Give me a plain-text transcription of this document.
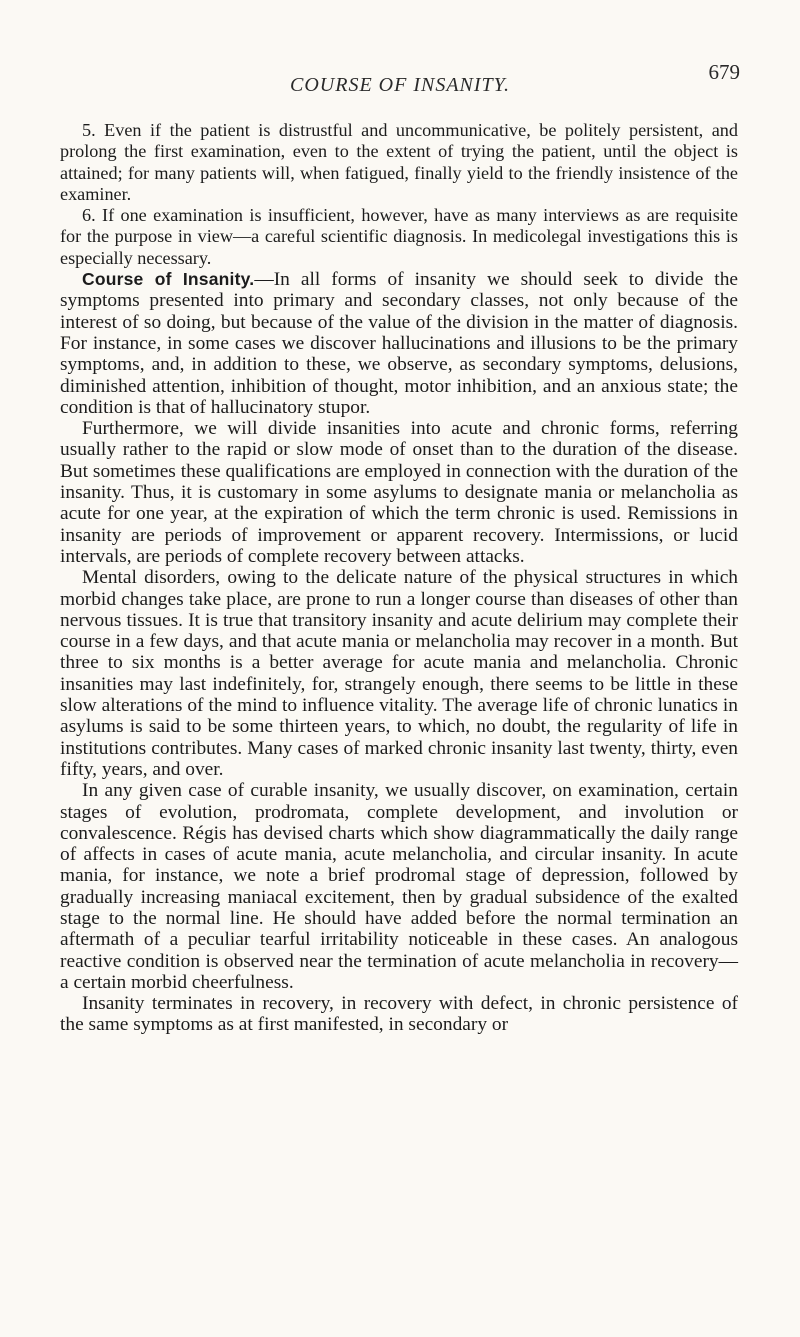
COURSE OF INSANITY.
679

5. Even if the patient is distrustful and uncommunicative, be politely persistent, and prolong the first examination, even to the extent of trying the patient, until the object is attained; for many patients will, when fatigued, finally yield to the friendly insistence of the examiner.

6. If one examination is insufficient, however, have as many interviews as are requisite for the purpose in view—a careful scientific diagnosis. In medicolegal investigations this is especially necessary.

Course of Insanity.—In all forms of insanity we should seek to divide the symptoms presented into primary and secondary classes, not only because of the interest of so doing, but because of the value of the division in the matter of diagnosis. For instance, in some cases we discover hallucinations and illusions to be the primary symptoms, and, in addition to these, we observe, as secondary symptoms, delusions, diminished attention, inhibition of thought, motor inhibition, and an anxious state; the condition is that of hallucinatory stupor.

Furthermore, we will divide insanities into acute and chronic forms, referring usually rather to the rapid or slow mode of onset than to the duration of the disease. But sometimes these qualifications are employed in connection with the duration of the insanity. Thus, it is customary in some asylums to designate mania or melancholia as acute for one year, at the expiration of which the term chronic is used. Remissions in insanity are periods of improvement or apparent recovery. Intermissions, or lucid intervals, are periods of complete recovery between attacks.

Mental disorders, owing to the delicate nature of the physical structures in which morbid changes take place, are prone to run a longer course than diseases of other than nervous tissues. It is true that transitory insanity and acute delirium may complete their course in a few days, and that acute mania or melancholia may recover in a month. But three to six months is a better average for acute mania and melancholia. Chronic insanities may last indefinitely, for, strangely enough, there seems to be little in these slow alterations of the mind to influence vitality. The average life of chronic lunatics in asylums is said to be some thirteen years, to which, no doubt, the regularity of life in institutions contributes. Many cases of marked chronic insanity last twenty, thirty, even fifty, years, and over.

In any given case of curable insanity, we usually discover, on examination, certain stages of evolution, prodromata, complete development, and involution or convalescence. Régis has devised charts which show diagrammatically the daily range of affects in cases of acute mania, acute melancholia, and circular insanity. In acute mania, for instance, we note a brief prodromal stage of depression, followed by gradually increasing maniacal excitement, then by gradual subsidence of the exalted stage to the normal line. He should have added before the normal termination an aftermath of a peculiar tearful irritability noticeable in these cases. An analogous reactive condition is observed near the termination of acute melancholia in recovery—a certain morbid cheerfulness.

Insanity terminates in recovery, in recovery with defect, in chronic persistence of the same symptoms as at first manifested, in secondary or
